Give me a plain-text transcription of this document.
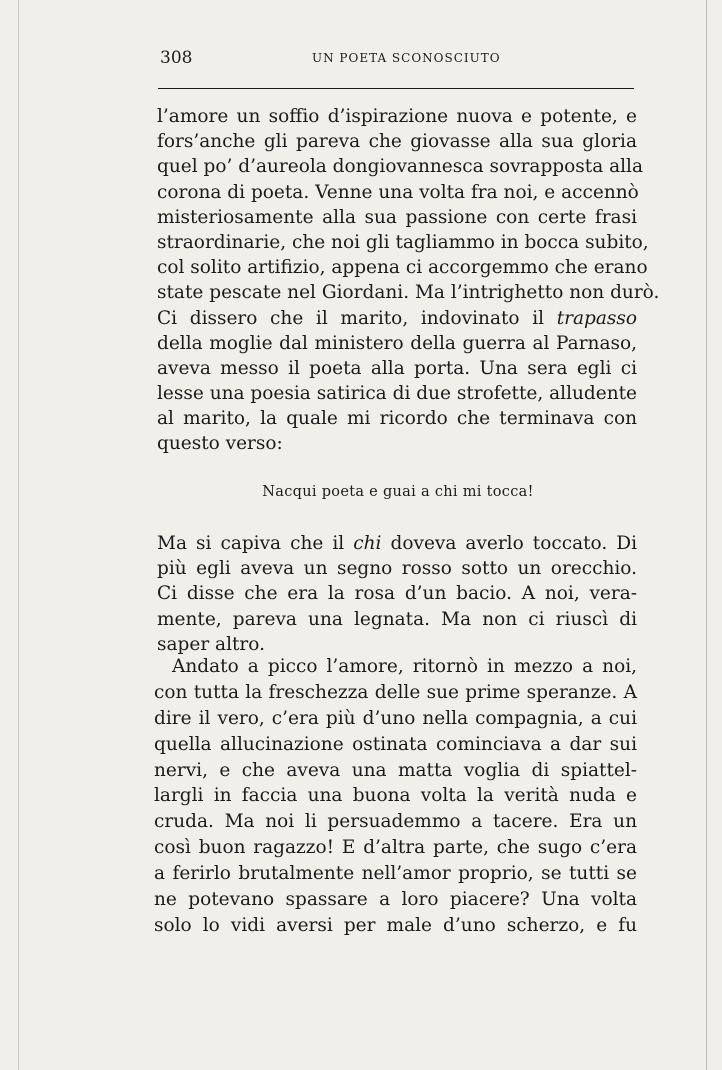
308	UN POETA SCONOSCIUTO
l’amore un soffio d’ispirazione nuova e potente, e
fors’anche gli pareva che giovasse alla sua gloria
quel po’ d’aureola dongiovannesca sovrapposta alla
corona di poeta. Venne una volta fra noi, e accennò
misteriosamente alla sua passione con certe frasi
straordinarie, che noi gli tagliammo in bocca subito,
col solito artifizio, appena ci accorgemmo che erano
state pescate nel Giordani. Ma l’intrighetto non durò.
Ci dissero che il marito, indovinato il trapasso
della moglie dal ministero della guerra al Parnaso,
aveva messo il poeta alla porta. Una sera egli ci
lesse una poesia satirica di due strofette, alludente
al marito, la quale mi ricordo che terminava con
questo verso:
Nacqui poeta e guai a chi mi tocca!
Ma si capiva che il chi doveva averlo toccato. Di
più egli aveva un segno rosso sotto un orecchio.
Ci disse che era la rosa d’un bacio. A noi, vera-
mente, pareva una legnata. Ma non ci riuscì di
saper altro.
Andato a picco l’amore, ritornò in mezzo a noi,
con tutta la freschezza delle sue prime speranze. A
dire il vero, c’era più d’uno nella compagnia, a cui
quella allucinazione ostinata cominciava a dar sui
nervi, e che aveva una matta voglia di spiattel-
largli in faccia una buona volta la verità nuda e
cruda. Ma noi li persuademmo a tacere. Era un
così buon ragazzo! E d’altra parte, che sugo c’era
a ferirlo brutalmente nell’amor proprio, se tutti se
ne potevano spassare a loro piacere? Una volta
solo lo vidi aversi per male d’uno scherzo, e fu
